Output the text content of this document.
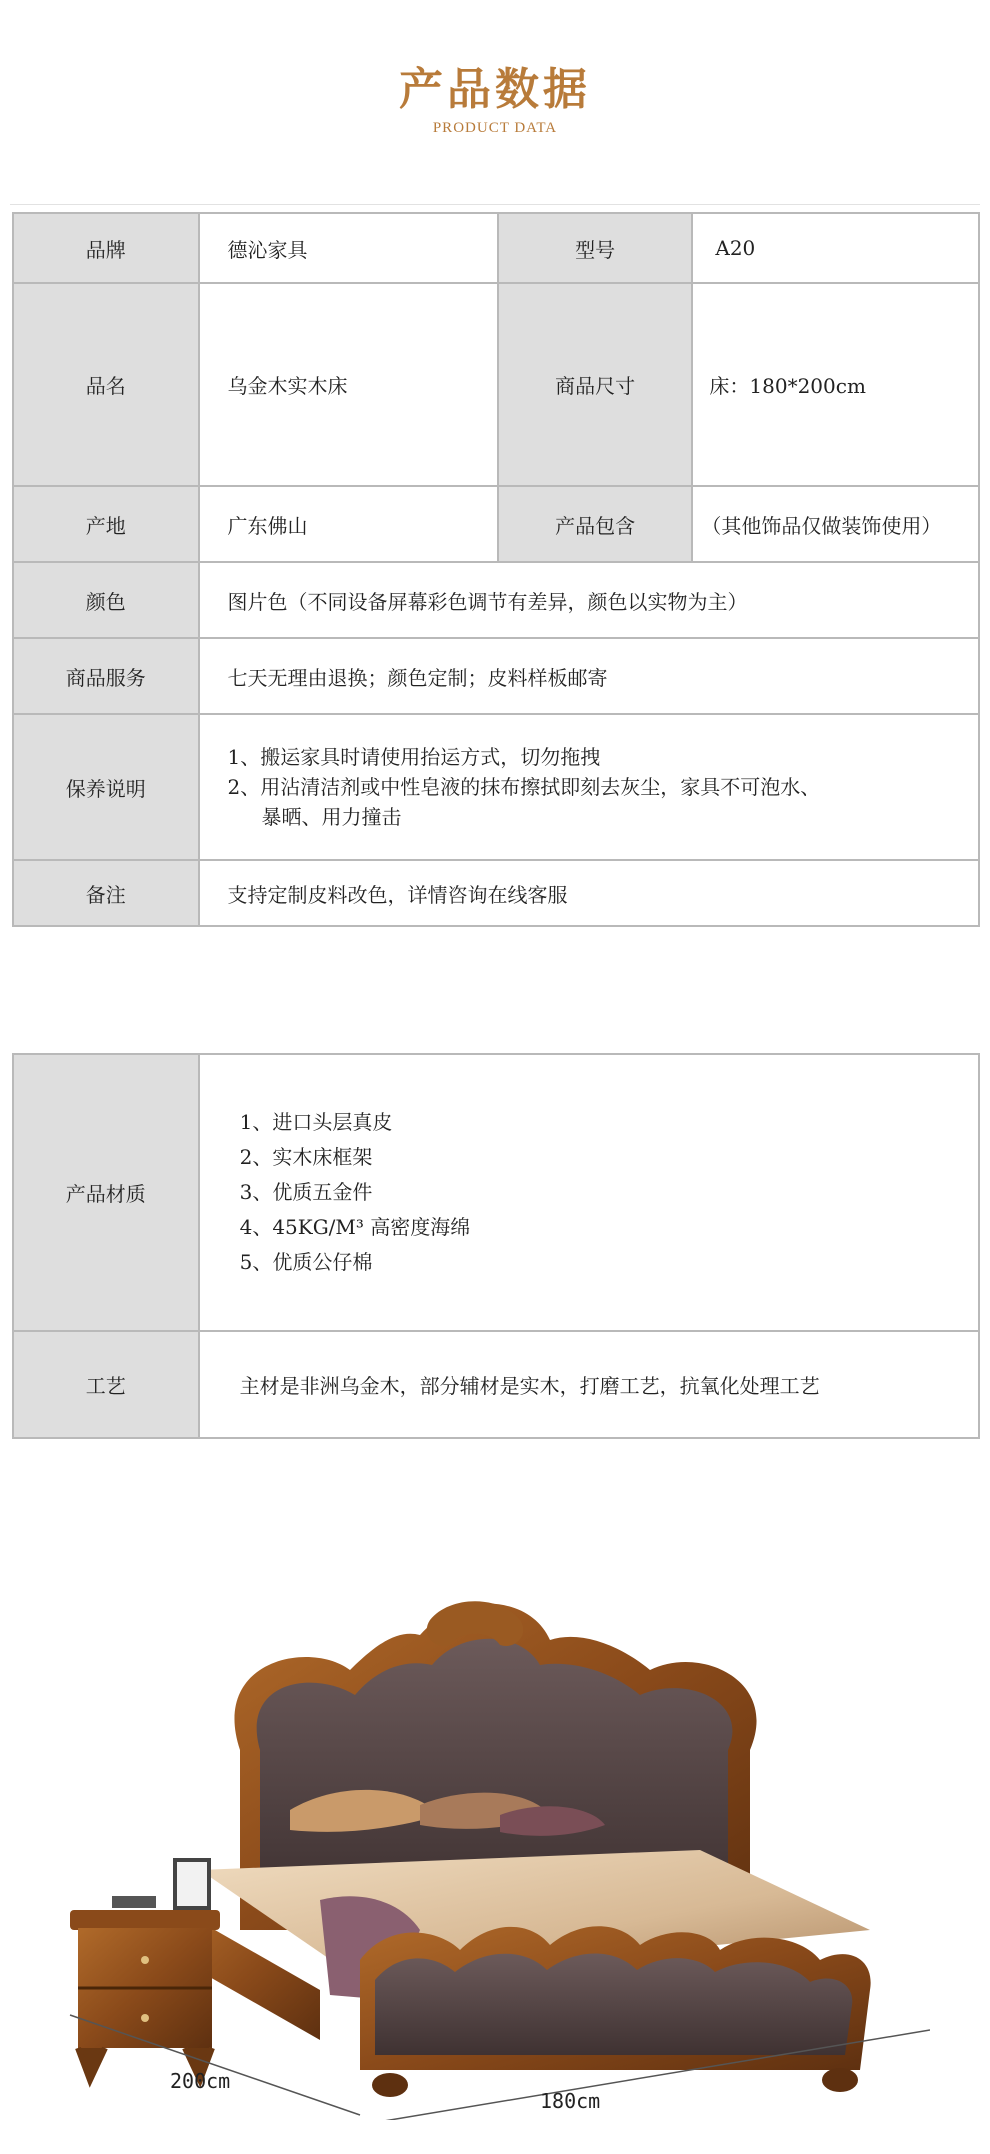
产品数据
PRODUCT DATA
品牌	德沁家具	型号	A20
品名	乌金木实木床	商品尺寸	床：180*200cm
产地	广东佛山	产品包含	（其他饰品仅做装饰使用）
颜色	图片色（不同设备屏幕彩色调节有差异，颜色以实物为主）		
商品服务	七天无理由退换；颜色定制；皮料样板邮寄		
保养说明	1、搬运家具时请使用抬运方式，切勿拖拽

2、用沾清洁剂或中性皂液的抹布擦拭即刻去灰尘，家具不可泡水、

暴晒、用力撞击		

备注	支持定制皮料改色，详情咨询在线客服		
产品材质	1、进口头层真皮

2、实木床框架

3、优质五金件

4、45KG/M³ 高密度海绵

5、优质公仔棉

工艺	主材是非洲乌金木，部分辅材是实木，打磨工艺，抗氧化处理工艺
200cm
180cm
